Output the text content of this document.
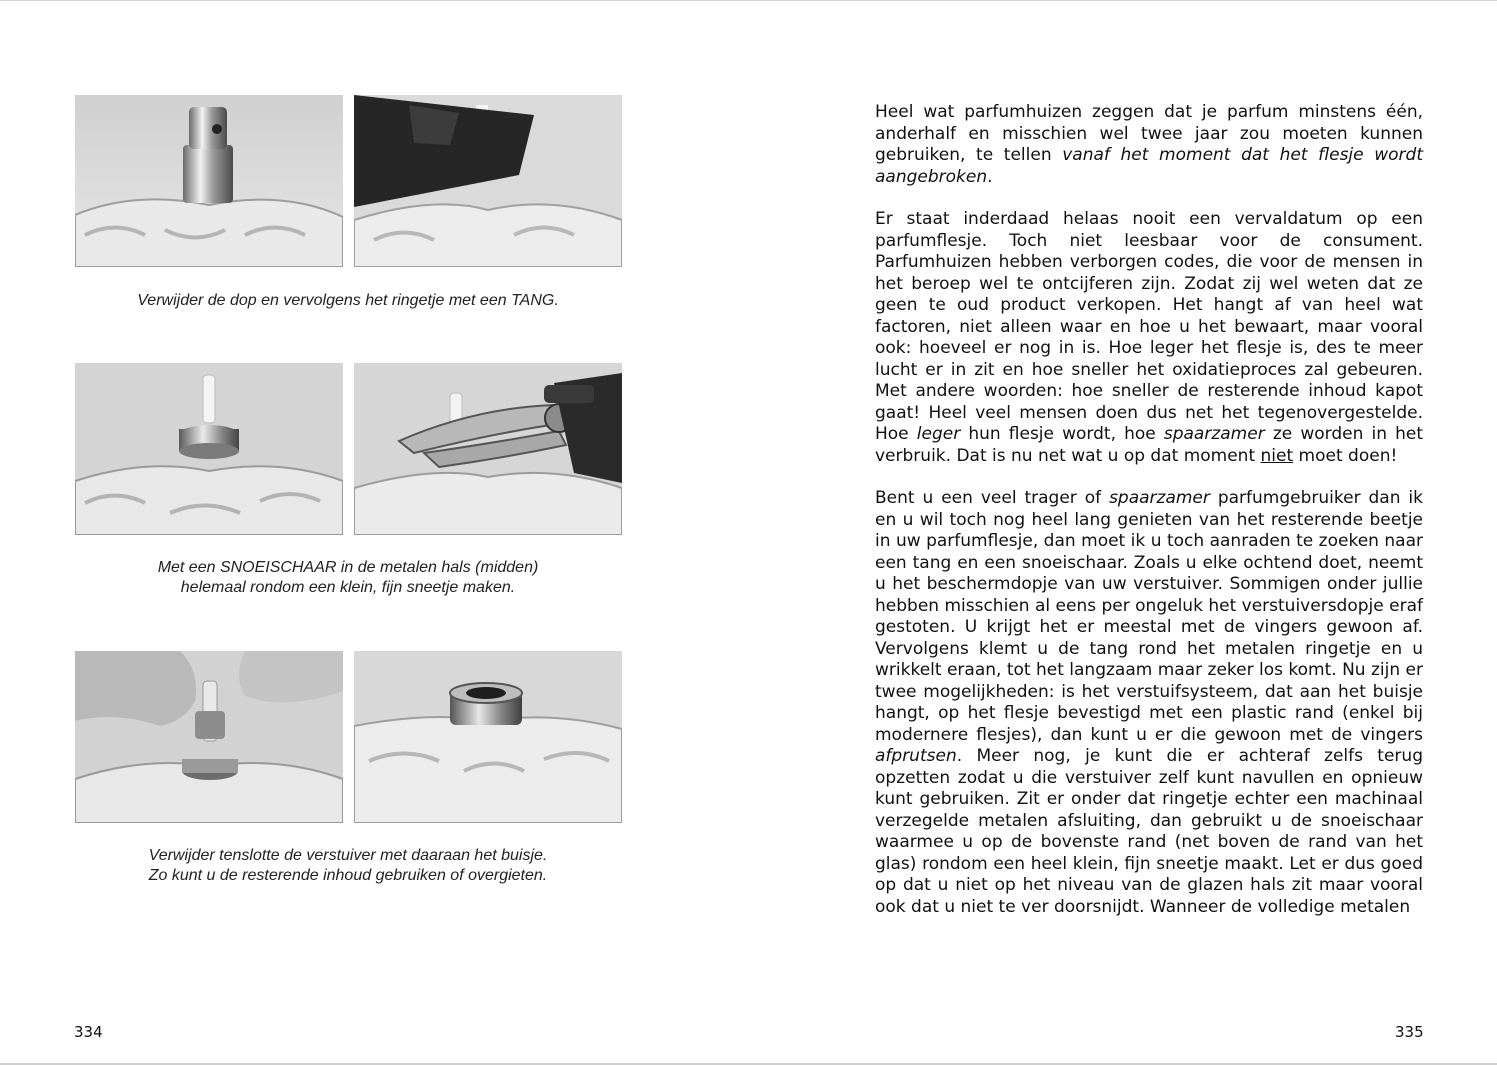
Verwijder de dop en vervolgens het ringetje met een TANG.
Met een SNOEISCHAAR in de metalen hals (midden)
helemaal rondom een klein, fijn sneetje maken.
Verwijder tenslotte de verstuiver met daaraan het buisje.
Zo kunt u de resterende inhoud gebruiken of overgieten.
334

Heel wat parfumhuizen zeggen dat je parfum minstens één, anderhalf en misschien wel twee jaar zou moeten kunnen gebruiken, te tellen vanaf het moment dat het flesje wordt aangebroken.

Er staat inderdaad helaas nooit een vervaldatum op een parfumflesje. Toch niet leesbaar voor de consument. Parfumhuizen hebben verborgen codes, die voor de mensen in het beroep wel te ontcijferen zijn. Zodat zij wel weten dat ze geen te oud product verkopen. Het hangt af van heel wat factoren, niet alleen waar en hoe u het bewaart, maar vooral ook: hoeveel er nog in is. Hoe leger het flesje is, des te meer lucht er in zit en hoe sneller het oxidatieproces zal gebeuren. Met andere woorden: hoe sneller de resterende inhoud kapot gaat! Heel veel mensen doen dus net het tegenovergestelde. Hoe leger hun flesje wordt, hoe spaarzamer ze worden in het verbruik. Dat is nu net wat u op dat moment niet moet doen!

Bent u een veel trager of spaarzamer parfumgebruiker dan ik en u wil toch nog heel lang genieten van het resterende beetje in uw parfumflesje, dan moet ik u toch aanraden te zoeken naar een tang en een snoeischaar. Zoals u elke ochtend doet, neemt u het beschermdopje van uw verstuiver. Sommigen onder jullie hebben misschien al eens per ongeluk het verstuiversdopje eraf gestoten. U krijgt het er meestal met de vingers gewoon af. Vervolgens klemt u de tang rond het metalen ringetje en u wrikkelt eraan, tot het langzaam maar zeker los komt. Nu zijn er twee mogelijkheden: is het verstuifsysteem, dat aan het buisje hangt, op het flesje bevestigd met een plastic rand (enkel bij modernere flesjes), dan kunt u er die gewoon met de vingers afprutsen. Meer nog, je kunt die er achteraf zelfs terug opzetten zodat u die verstuiver zelf kunt navullen en opnieuw kunt gebruiken. Zit er onder dat ringetje echter een machinaal verzegelde metalen afsluiting, dan gebruikt u de snoeischaar waarmee u op de bovenste rand (net boven de rand van het glas) rondom een heel klein, fijn sneetje maakt. Let er dus goed op dat u niet op het niveau van de glazen hals zit maar vooral ook dat u niet te ver doorsnijdt. Wanneer de volledige metalen

335
